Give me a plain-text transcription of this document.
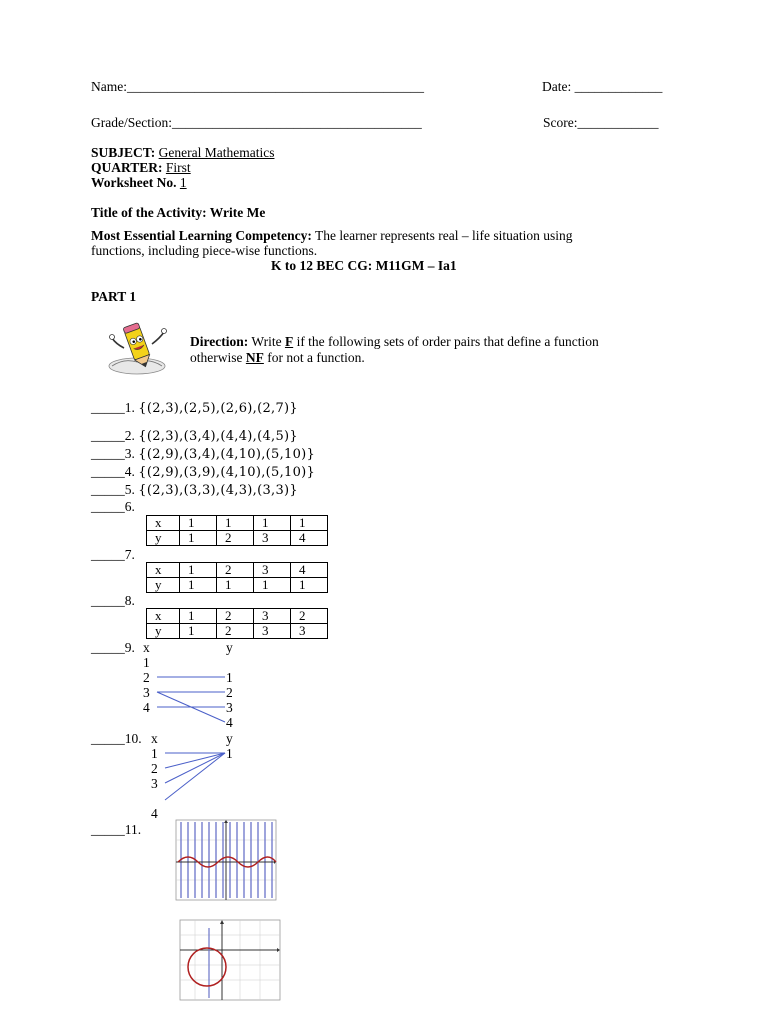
Name:____________________________________________	Date: _____________
Grade/Section:_____________________________________	Score:____________
SUBJECT: General Mathematics
QUARTER: First
Worksheet No. 1
Title of the Activity: Write Me
Most Essential Learning Competency: The learner represents real – life situation using
functions, including piece-wise functions.
K to 12 BEC CG: M11GM – Ia1
PART 1
Direction: Write F if the following sets of order pairs that define a function
otherwise NF for not a function.
_____1. {(2,3),(2,5),(2,6),(2,7)}
_____2. {(2,3),(3,4),(4,4),(4,5)}
_____3. {(2,9),(3,4),(4,10),(5,10)}
_____4. {(2,9),(3,9),(4,10),(5,10)}
_____5. {(2,3),(3,3),(4,3),(3,3)}
_____6.
x	1	1	1	1
y	1	2	3	4
_____7.
x	1	2	3	4
y	1	1	1	1
_____8.
x	1	2	3	2
y	1	2	3	3
_____9. x	y
1
2
3
4
1
2
3
4
_____10. x	y
1
2
3
4
1
_____11.
